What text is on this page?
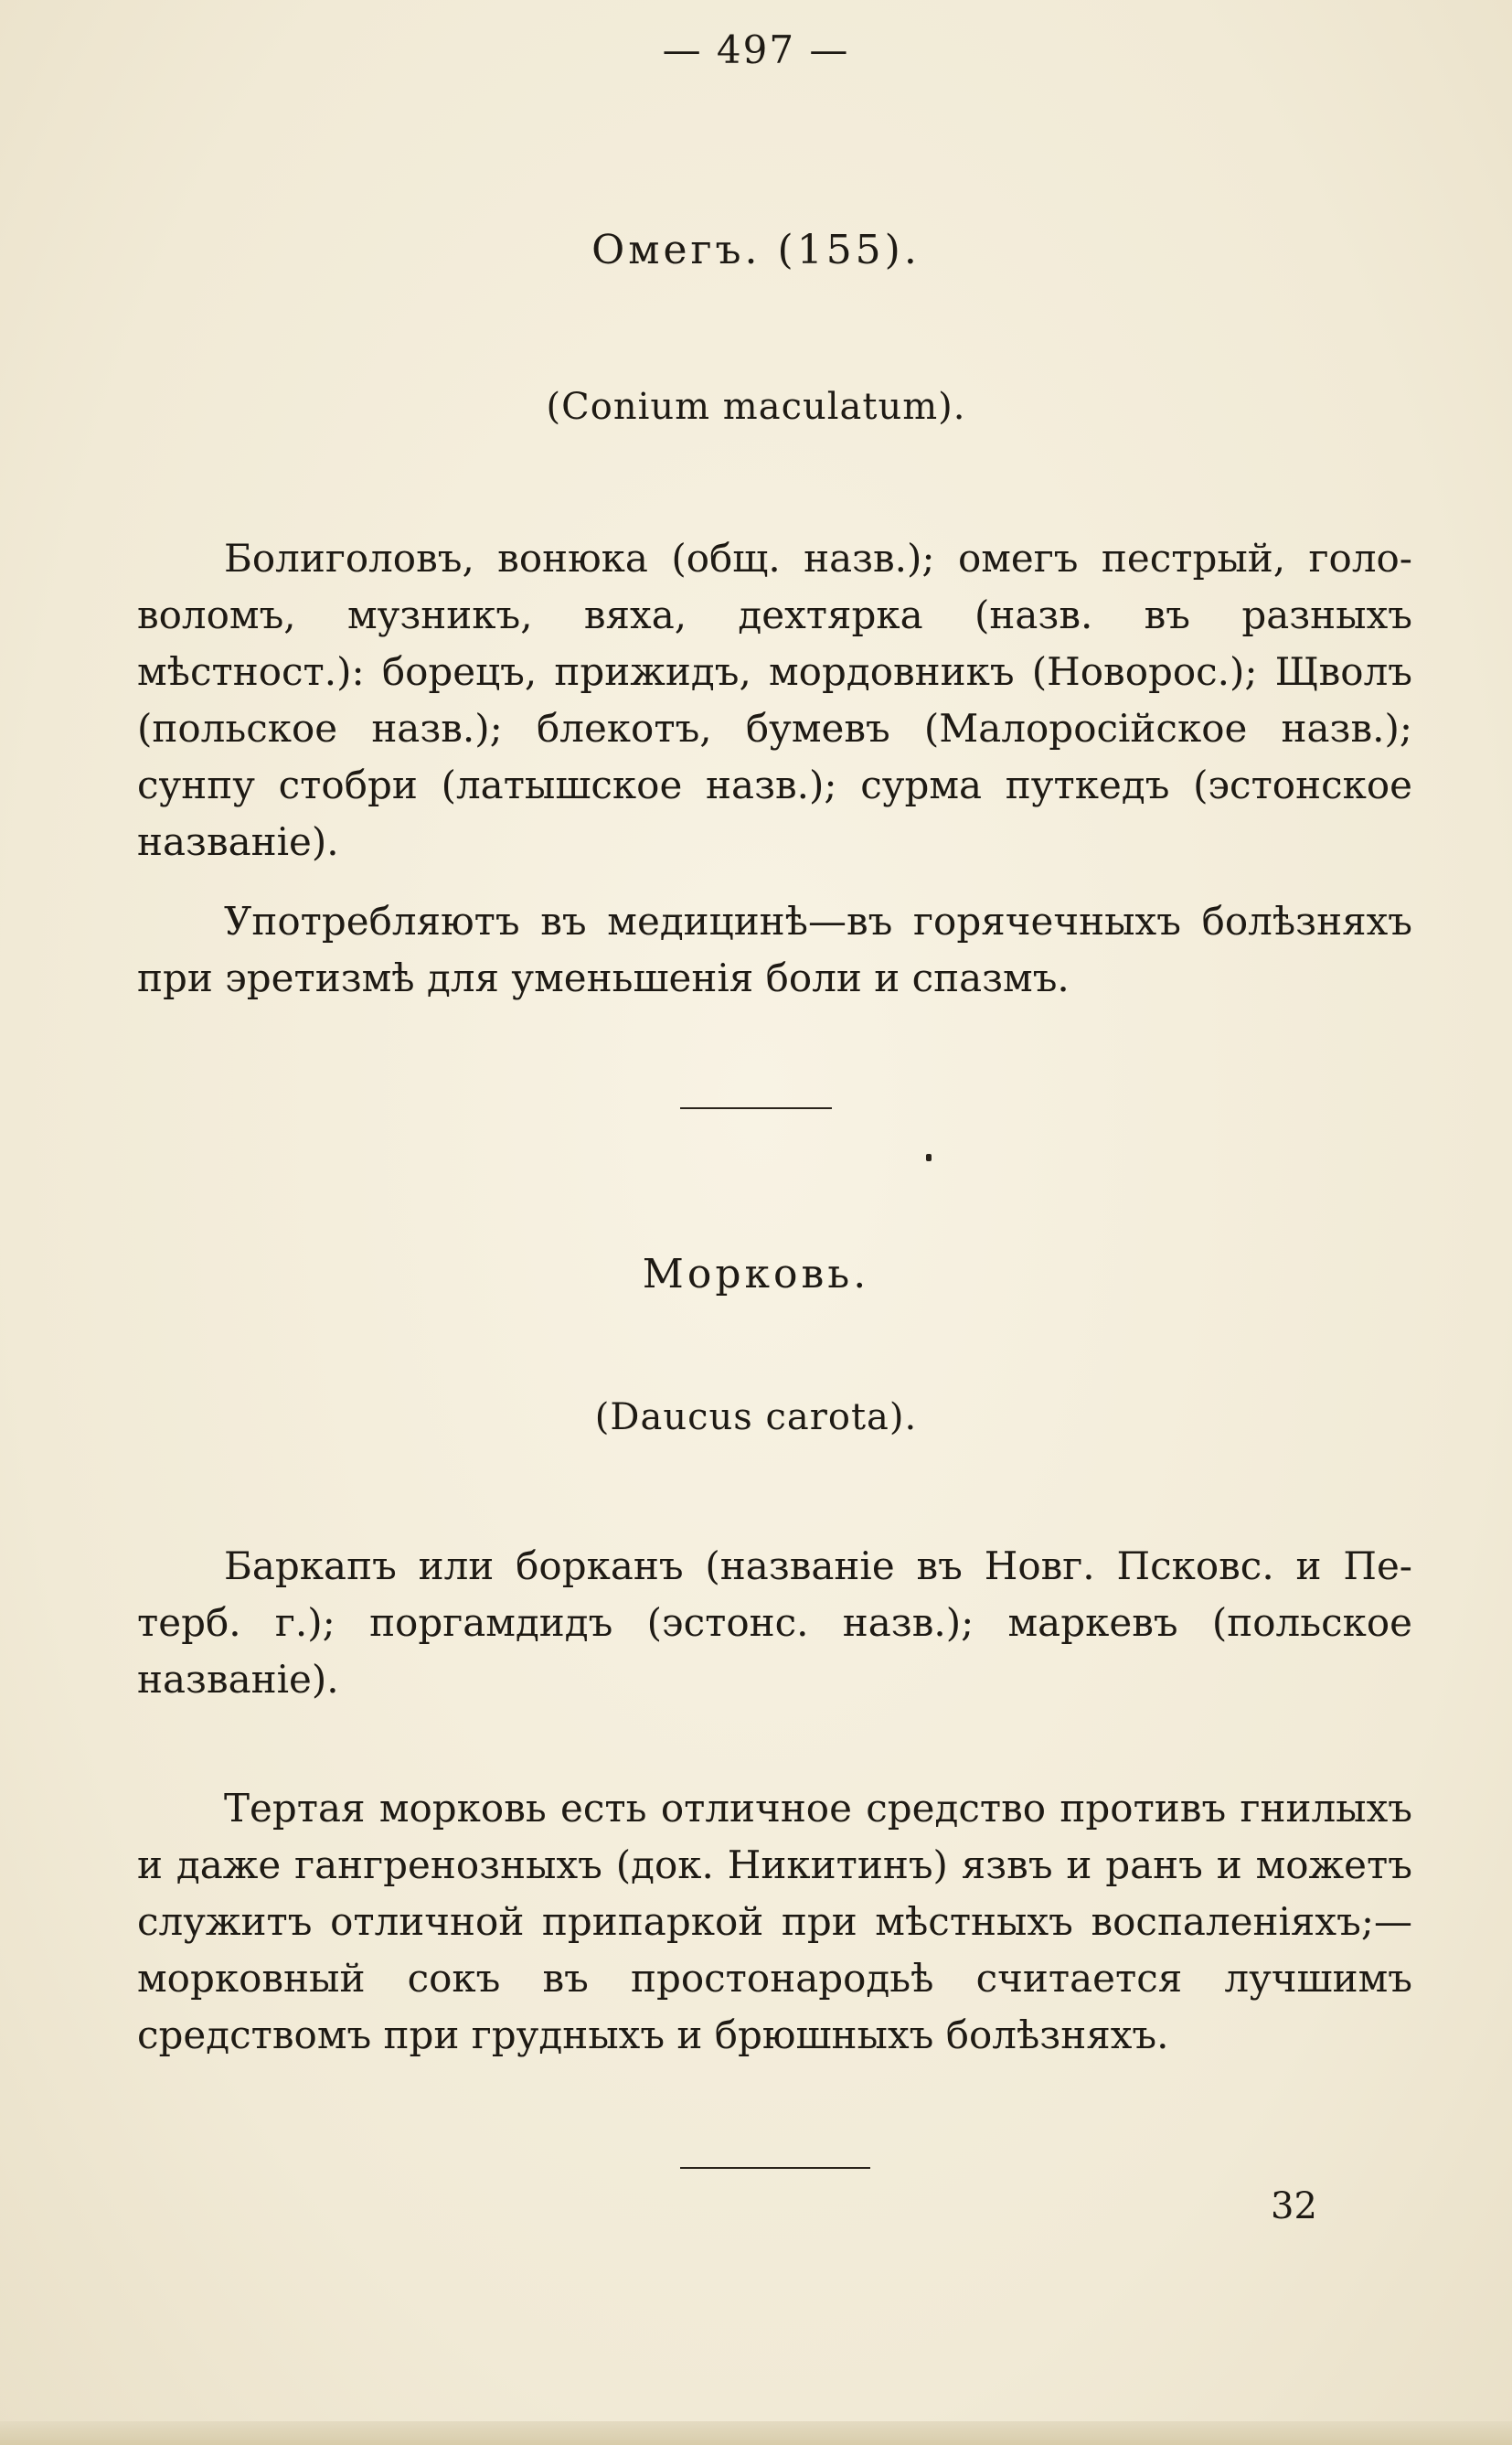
— 497 —
Омегъ. (155).
(Conium maculatum).

Болиголовъ, вонюка (общ. назв.); омегъ пестрый, головоломъ, музникъ, вяха, дехтярка (назв. въ разныхъ мѣстност.): борецъ, прижидъ, мордовникъ (Новорос.); Щволъ (польское назв.); блекотъ, бумевъ (Малоросійское назв.); сунпу стобри (латышское назв.); сурма путкедъ (эстонское названіе).

Употребляютъ въ медицинѣ—въ горячечныхъ болѣзняхъ при эретизмѣ для уменьшенія боли и спазмъ.

Морковь.
(Daucus carota).

Баркапъ или борканъ (названіе въ Новг. Псковс. и Петерб. г.); поргамдидъ (эстонс. назв.); маркевъ (польское названіе).

Тертая морковь есть отличное средство противъ гнилыхъ и даже гангренозныхъ (док. Никитинъ) язвъ и ранъ и можетъ служитъ отличной припаркой при мѣстныхъ воспаленіяхъ;—морковный сокъ въ простонародьѣ считается лучшимъ средствомъ при грудныхъ и брюшныхъ болѣзняхъ.

32
